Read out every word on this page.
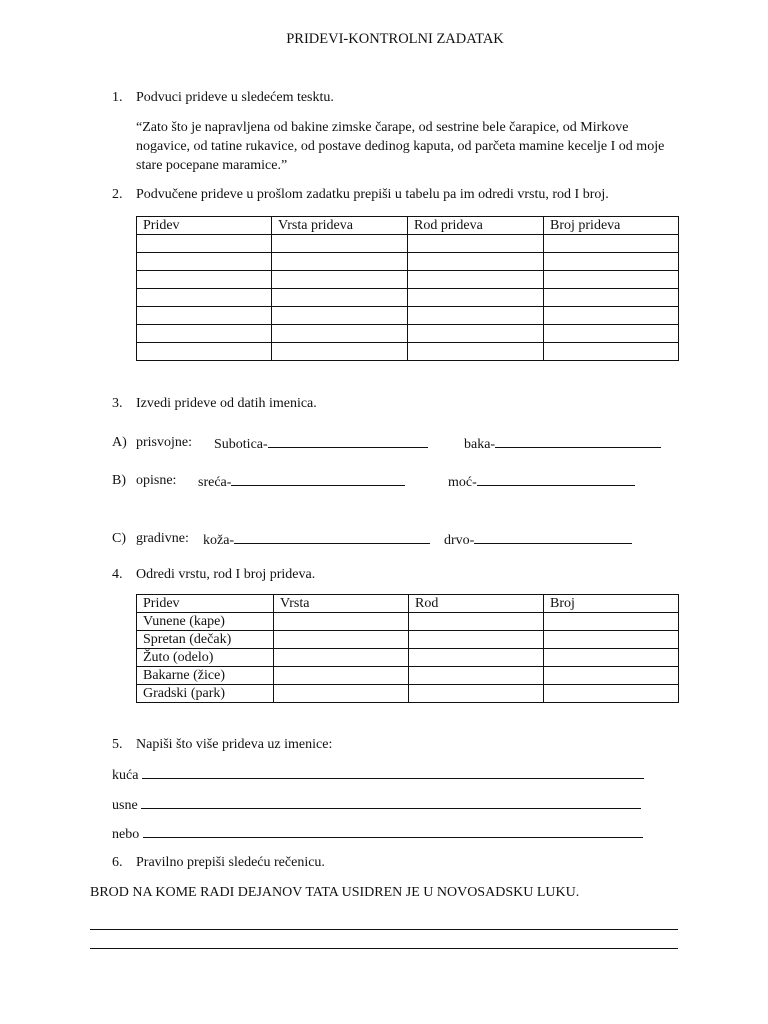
PRIDEVI-KONTROLNI ZADATAK
1. Podvuci prideve u sledećem tesktu.
“Zato što je napravljena od bakine zimske čarape, od sestrine bele čarapice, od Mirkove nogavice, od tatine rukavice, od postave dedinog kaputa, od parčeta mamine kecelje I od moje stare pocepane maramice.”
2. Podvučene prideve u prošlom zadatku prepiši u tabelu pa im odredi vrstu, rod I broj.
Pridev	Vrsta prideva	Rod prideva	Broj prideva

3. Izvedi prideve od datih imenica.
A) prisvojne: Subotica-	baka-
B) opisne: sreća-	moć-
C) gradivne: koža-	drvo-
4. Odredi vrstu, rod I broj prideva.
Pridev	Vrsta	Rod	Broj
Vunene (kape)			
Spretan (dečak)			
Žuto (odelo)			
Bakarne (žice)			
Gradski (park)			
5. Napiši što više prideva uz imenice:
kuća
usne
nebo
6. Pravilno prepiši sledeću rečenicu.
BROD NA KOME RADI DEJANOV TATA USIDREN JE U NOVOSADSKU LUKU.
